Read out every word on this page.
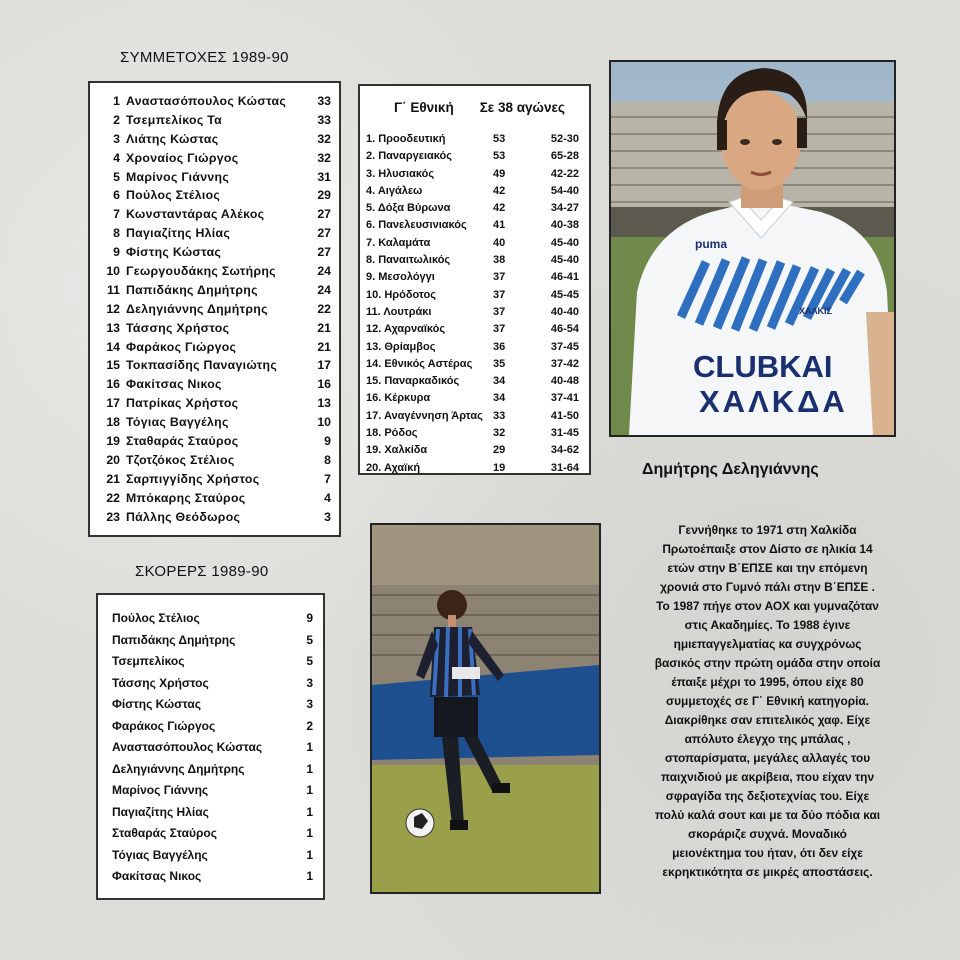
ΣΥΜΜΕΤΟΧΕΣ 1989-90
1 Αναστασόπουλος Κώστας	33
2 Τσεμπελίκος Τα	33
3 Λιάτης Κώστας	32
4 Χροναίος Γιώργος	32
5 Μαρίνος Γιάννης	31
6 Πούλος Στέλιος	29
7 Κωνσταντάρας Αλέκος	27
8 Παγιαζίτης Ηλίας	27
9 Φίστης Κώστας	27
10 Γεωργουδάκης Σωτήρης	24
11 Παπιδάκης Δημήτρης	24
12 Δεληγιάννης Δημήτρης	22
13 Τάσσης Χρήστος	21
14 Φαράκος Γιώργος	21
15 Τοκπασίδης Παναγιώτης	17
16 Φακίτσας Νικος	16
17 Πατρίκας Χρήστος	13
18 Τόγιας Βαγγέλης	10
19 Σταθαράς Σταύρος	9
20 Τζοτζόκος Στέλιος	8
21 Σαρπιγγίδης Χρήστος	7
22 Μπόκαρης Σταύρος	4
23 Πάλλης Θεόδωρος	3
Γ΄ Εθνική Σε 38 αγώνες
1. Προοδευτική	53	52-30
2. Παναργειακός	53	65-28
3. Ηλυσιακός	49	42-22
4. Αιγάλεω	42	54-40
5. Δόξα Βύρωνα	42	34-27
6. Πανελευσινιακός	41	40-38
7. Καλαμάτα	40	45-40
8. Παναιτωλικός	38	45-40
9. Μεσολόγγι	37	46-41
10. Ηρόδοτος	37	45-45
11. Λουτράκι	37	40-40
12. Αχαρναϊκός	37	46-54
13. Θρίαμβος	36	37-45
14. Εθνικός Αστέρας	35	37-42
15. Παναρκαδικός	34	40-48
16. Κέρκυρα	34	37-41
17. Αναγέννηση Άρτας 33	41-50
18. Ρόδος	32	31-45
19. Χαλκίδα	29	34-62
20. Αχαϊκή	19	31-64
ΣΚΟΡΕΡΣ 1989-90
Πούλος Στέλιος	9
Παπιδάκης Δημήτρης	5
Τσεμπελίκος	5
Τάσσης Χρήστος	3
Φίστης Κώστας	3
Φαράκος Γιώργος	2
Αναστασόπουλος Κώστας	1
Δεληγιάννης Δημήτρης	1
Μαρίνος Γιάννης	1
Παγιαζίτης Ηλίας	1
Σταθαράς Σταύρος	1
Τόγιας Βαγγέλης	1
Φακίτσας Νικος	1
puma
ΧΑΛΚΙΣ
CLUBKAI
ΧΑΛΚΔΑ
Δημήτρης Δεληγιάννης
Γεννήθηκε το 1971 στη Χαλκίδα
Πρωτοέπαιξε στον Δίστο σε ηλικία 14
ετών στην Β΄ΕΠΣΕ και την επόμενη
χρονιά στο Γυμνό πάλι στην Β΄ΕΠΣΕ .
Το 1987 πήγε στον ΑΟΧ και γυμναζόταν
στις Ακαδημίες. Το 1988 έγινε
ημιεπαγγελματίας κα συγχρόνως
βασικός στην πρώτη ομάδα στην οποία
έπαιξε μέχρι το 1995, όπου είχε 80
συμμετοχές σε Γ΄ Εθνική κατηγορία.
Διακρίθηκε σαν επιτελικός χαφ. Είχε
απόλυτο έλεγχο της μπάλας ,
στοπαρίσματα, μεγάλες αλλαγές του
παιχνιδιού με ακρίβεια, που είχαν την
σφραγίδα της δεξιοτεχνίας του. Είχε
πολύ καλά σουτ και με τα δύο πόδια και
σκοράριζε συχνά. Μοναδικό
μειονέκτημα του ήταν, ότι δεν είχε
εκρηκτικότητα σε μικρές αποστάσεις.
